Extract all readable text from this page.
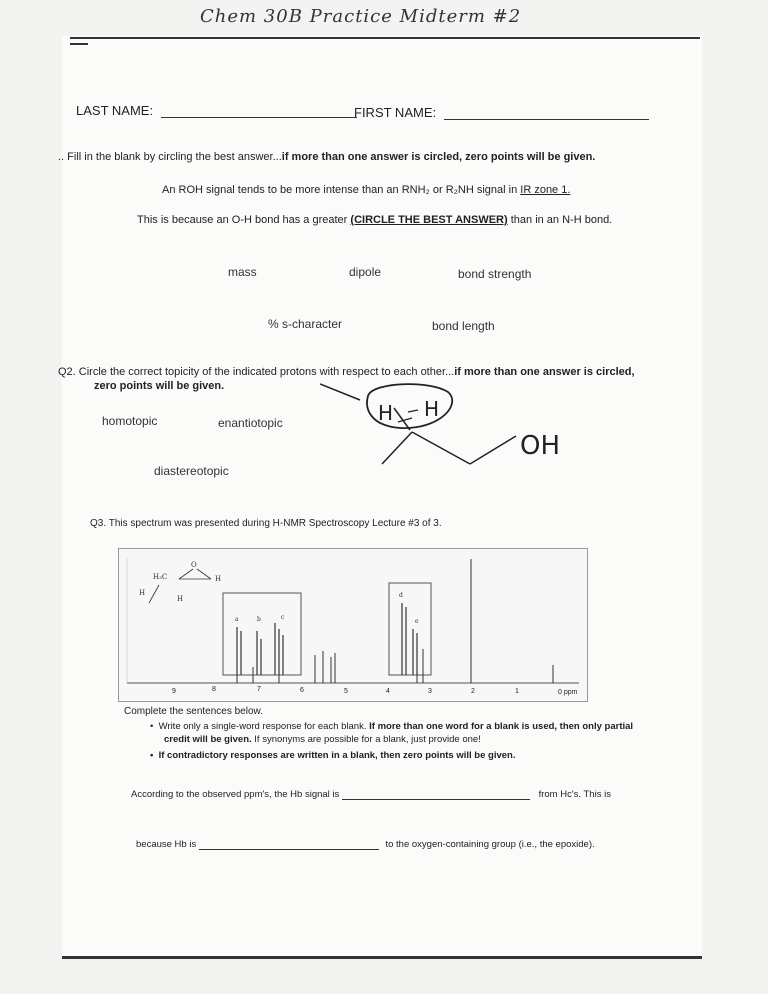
Chem 30B Practice Midterm #2
LAST NAME:	FIRST NAME:
.. Fill in the blank by circling the best answer...if more than one answer is circled, zero points will be given.
An ROH signal tends to be more intense than an RNH₂ or R₂NH signal in IR zone 1.
This is because an O-H bond has a greater (CIRCLE THE BEST ANSWER) than in an N-H bond.
mass	dipole	bond strength
% s-character	bond length
Q2. Circle the correct topicity of the indicated protons with respect to each other...if more than one answer is circled,
zero points will be given.
homotopic	enantiotopic
diastereotopic
H H
OH
Q3. This spectrum was presented during H-NMR Spectroscopy Lecture #3 of 3.
a	b	c
d
e
H₃C
O
H
H
H
9	8	7	6	5	4	3	2	1	0 ppm
Complete the sentences below.
•  Write only a single-word response for each blank. If more than one word for a blank is used, then only partial
credit will be given. If synonyms are possible for a blank, just provide one!
•  If contradictory responses are written in a blank, then zero points will be given.
According to the observed ppm's, the Hb signal is	from Hc's. This is
because Hb is	to the oxygen-containing group (i.e., the epoxide).
